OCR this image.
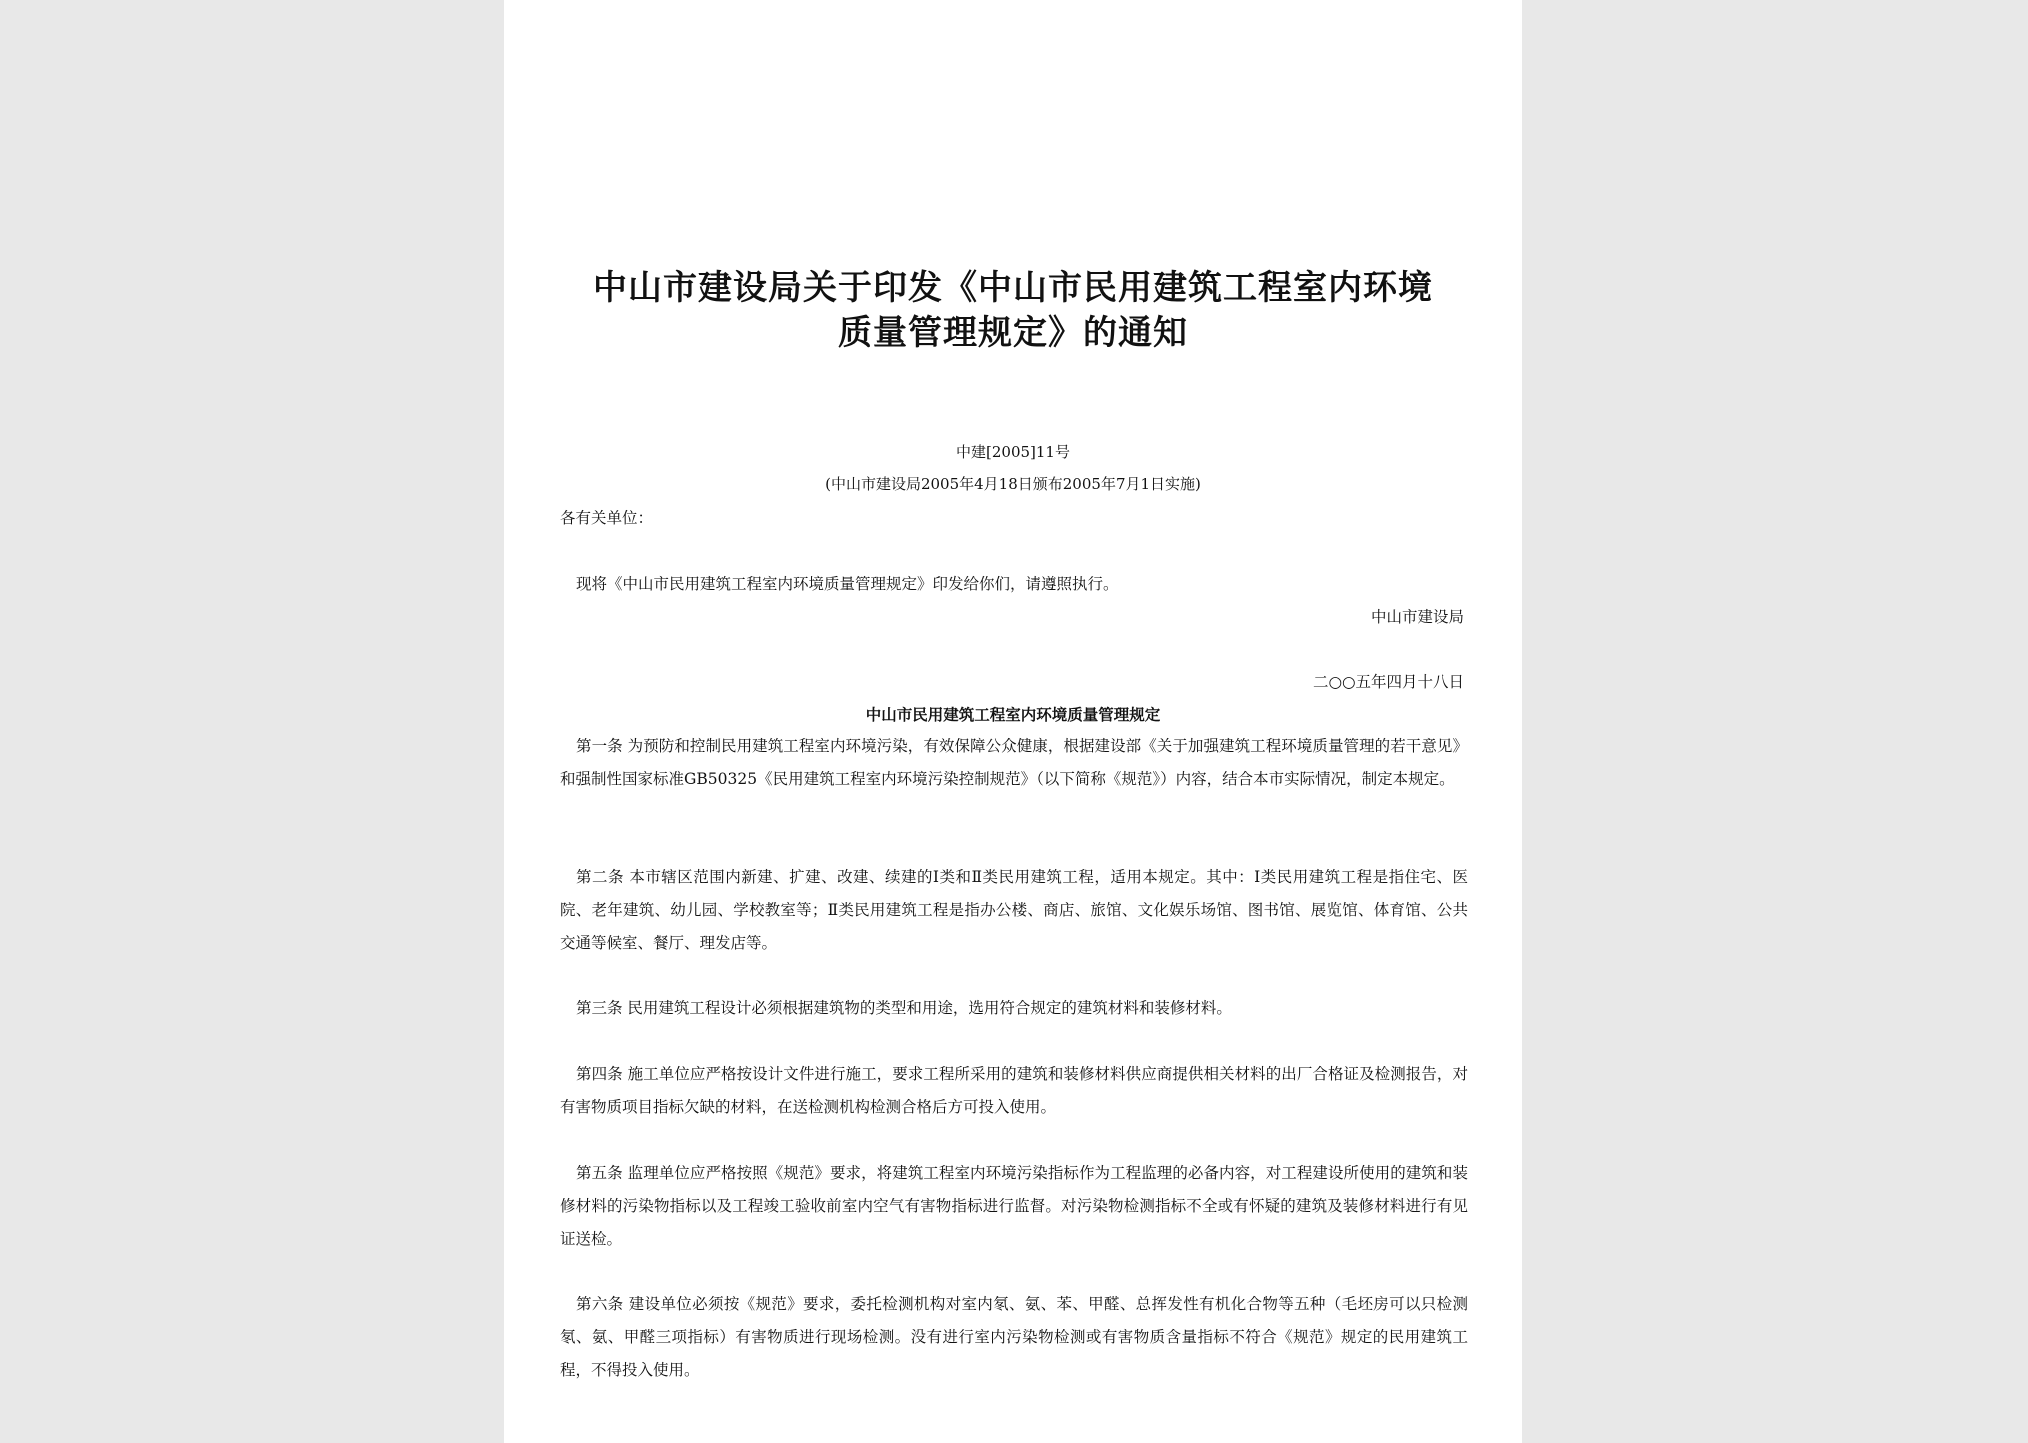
中山市建设局关于印发《中山市民用建筑工程室内环境
质量管理规定》的通知
中建[2005]11号
(中山市建设局2005年4月18日颁布2005年7月1日实施)
各有关单位：
现将《中山市民用建筑工程室内环境质量管理规定》印发给你们，请遵照执行。
中山市建设局
二○○五年四月十八日
中山市民用建筑工程室内环境质量管理规定
第一条 为预防和控制民用建筑工程室内环境污染，有效保障公众健康，根据建设部《关于加强建筑工程环境质量管理的若干意见》和强制性国家标准GB50325《民用建筑工程室内环境污染控制规范》（以下简称《规范》）内容，结合本市实际情况，制定本规定。
第二条 本市辖区范围内新建、扩建、改建、续建的Ⅰ类和Ⅱ类民用建筑工程，适用本规定。其中：Ⅰ类民用建筑工程是指住宅、医院、老年建筑、幼儿园、学校教室等；Ⅱ类民用建筑工程是指办公楼、商店、旅馆、文化娱乐场馆、图书馆、展览馆、体育馆、公共交通等候室、餐厅、理发店等。
第三条 民用建筑工程设计必须根据建筑物的类型和用途，选用符合规定的建筑材料和装修材料。
第四条 施工单位应严格按设计文件进行施工，要求工程所采用的建筑和装修材料供应商提供相关材料的出厂合格证及检测报告，对有害物质项目指标欠缺的材料，在送检测机构检测合格后方可投入使用。
第五条 监理单位应严格按照《规范》要求，将建筑工程室内环境污染指标作为工程监理的必备内容，对工程建设所使用的建筑和装修材料的污染物指标以及工程竣工验收前室内空气有害物指标进行监督。对污染物检测指标不全或有怀疑的建筑及装修材料进行有见证送检。
第六条 建设单位必须按《规范》要求，委托检测机构对室内氡、氨、苯、甲醛、总挥发性有机化合物等五种（毛坯房可以只检测氡、氨、甲醛三项指标）有害物质进行现场检测。没有进行室内污染物检测或有害物质含量指标不符合《规范》规定的民用建筑工程，不得投入使用。
